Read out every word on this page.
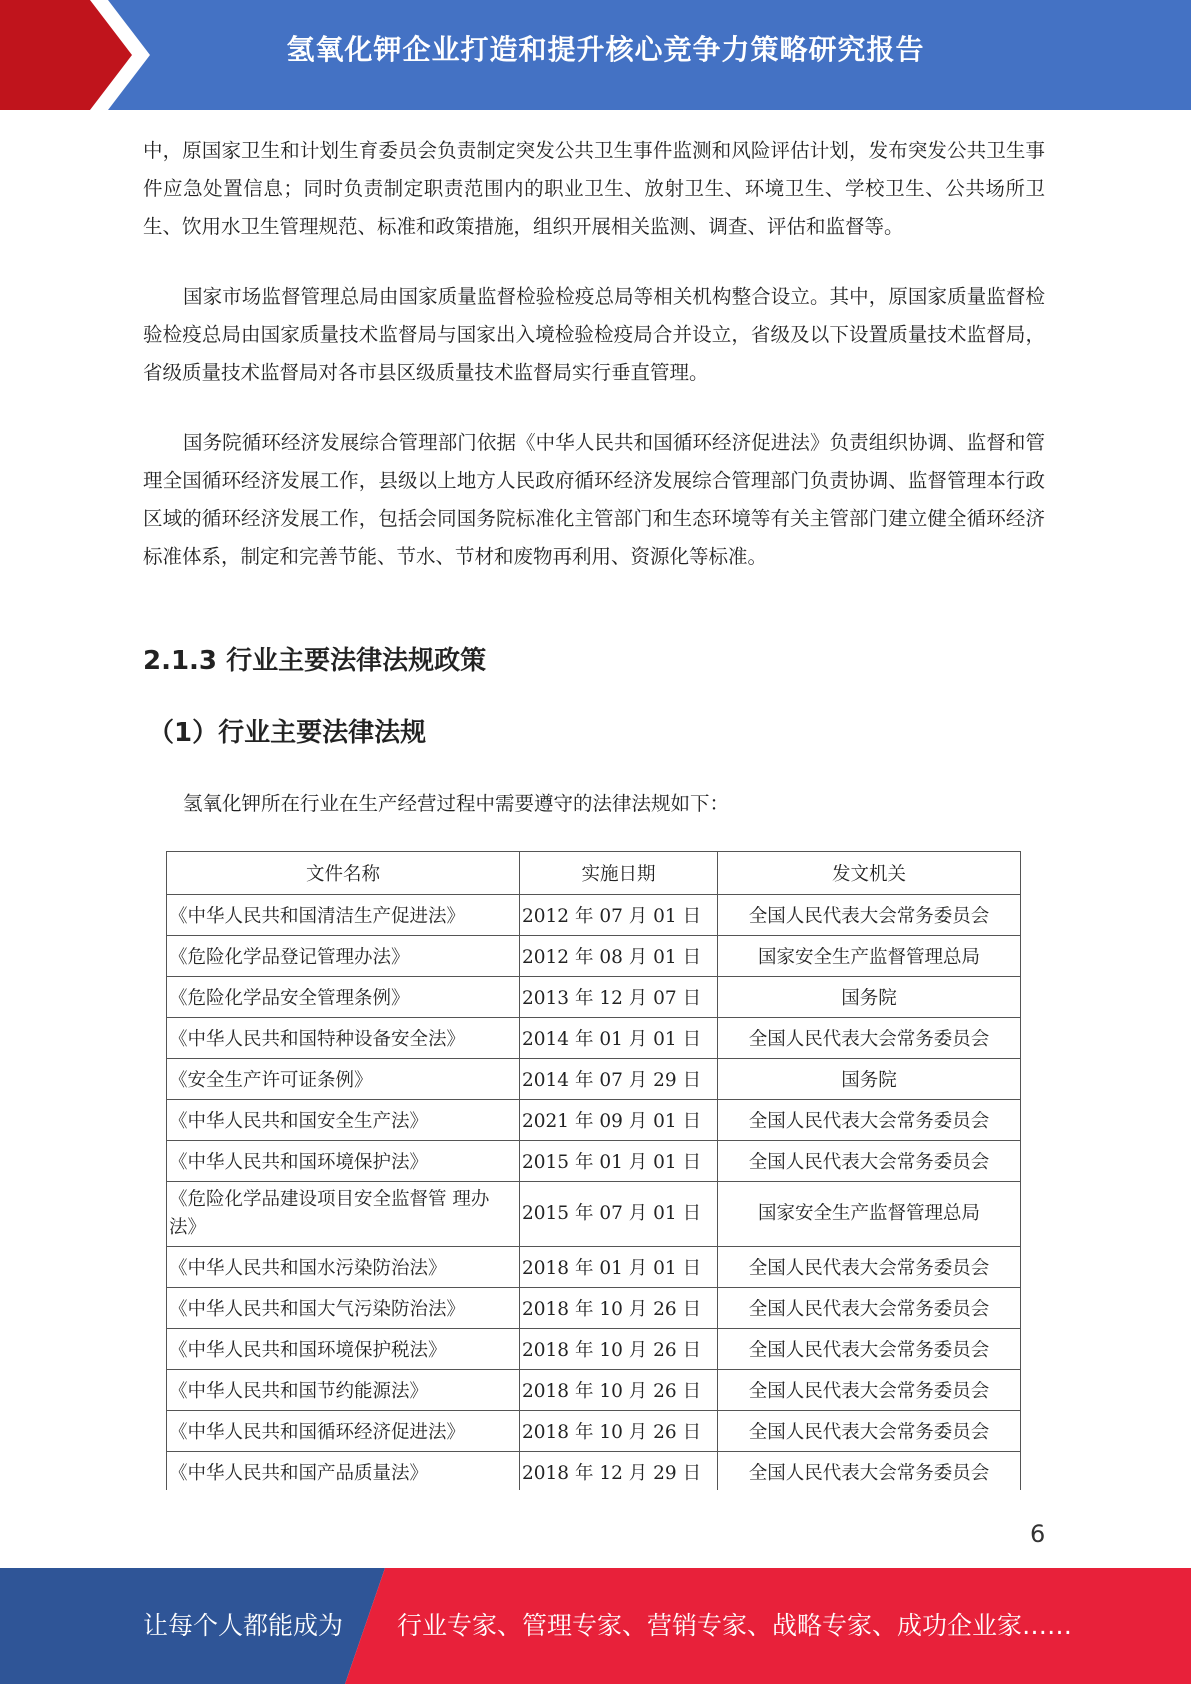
氢氧化钾企业打造和提升核心竞争力策略研究报告

中，原国家卫生和计划生育委员会负责制定突发公共卫生事件监测和风险评估计划，发布突发公共卫生事件应急处置信息；同时负责制定职责范围内的职业卫生、放射卫生、环境卫生、学校卫生、公共场所卫生、饮用水卫生管理规范、标准和政策措施，组织开展相关监测、调查、评估和监督等。

国家市场监督管理总局由国家质量监督检验检疫总局等相关机构整合设立。其中，原国家质量监督检验检疫总局由国家质量技术监督局与国家出入境检验检疫局合并设立，省级及以下设置质量技术监督局，省级质量技术监督局对各市县区级质量技术监督局实行垂直管理。

国务院循环经济发展综合管理部门依据《中华人民共和国循环经济促进法》负责组织协调、监督和管理全国循环经济发展工作，县级以上地方人民政府循环经济发展综合管理部门负责协调、监督管理本行政区域的循环经济发展工作，包括会同国务院标准化主管部门和生态环境等有关主管部门建立健全循环经济标准体系，制定和完善节能、节水、节材和废物再利用、资源化等标准。

2.1.3 行业主要法律法规政策
（1）行业主要法律法规

氢氧化钾所在行业在生产经营过程中需要遵守的法律法规如下：

文件名称	实施日期	发文机关
《中华人民共和国清洁生产促进法》	2012 年 07 月 01 日	全国人民代表大会常务委员会
《危险化学品登记管理办法》	2012 年 08 月 01 日	国家安全生产监督管理总局
《危险化学品安全管理条例》	2013 年 12 月 07 日	国务院
《中华人民共和国特种设备安全法》	2014 年 01 月 01 日	全国人民代表大会常务委员会
《安全生产许可证条例》	2014 年 07 月 29 日	国务院
《中华人民共和国安全生产法》	2021 年 09 月 01 日	全国人民代表大会常务委员会
《中华人民共和国环境保护法》	2015 年 01 月 01 日	全国人民代表大会常务委员会
《危险化学品建设项目安全监督管 理办法》	2015 年 07 月 01 日	国家安全生产监督管理总局
《中华人民共和国水污染防治法》	2018 年 01 月 01 日	全国人民代表大会常务委员会
《中华人民共和国大气污染防治法》	2018 年 10 月 26 日	全国人民代表大会常务委员会
《中华人民共和国环境保护税法》	2018 年 10 月 26 日	全国人民代表大会常务委员会
《中华人民共和国节约能源法》	2018 年 10 月 26 日	全国人民代表大会常务委员会
《中华人民共和国循环经济促进法》	2018 年 10 月 26 日	全国人民代表大会常务委员会
《中华人民共和国产品质量法》	2018 年 12 月 29 日	全国人民代表大会常务委员会
6
让每个人都能成为 行业专家、管理专家、营销专家、战略专家、成功企业家……
